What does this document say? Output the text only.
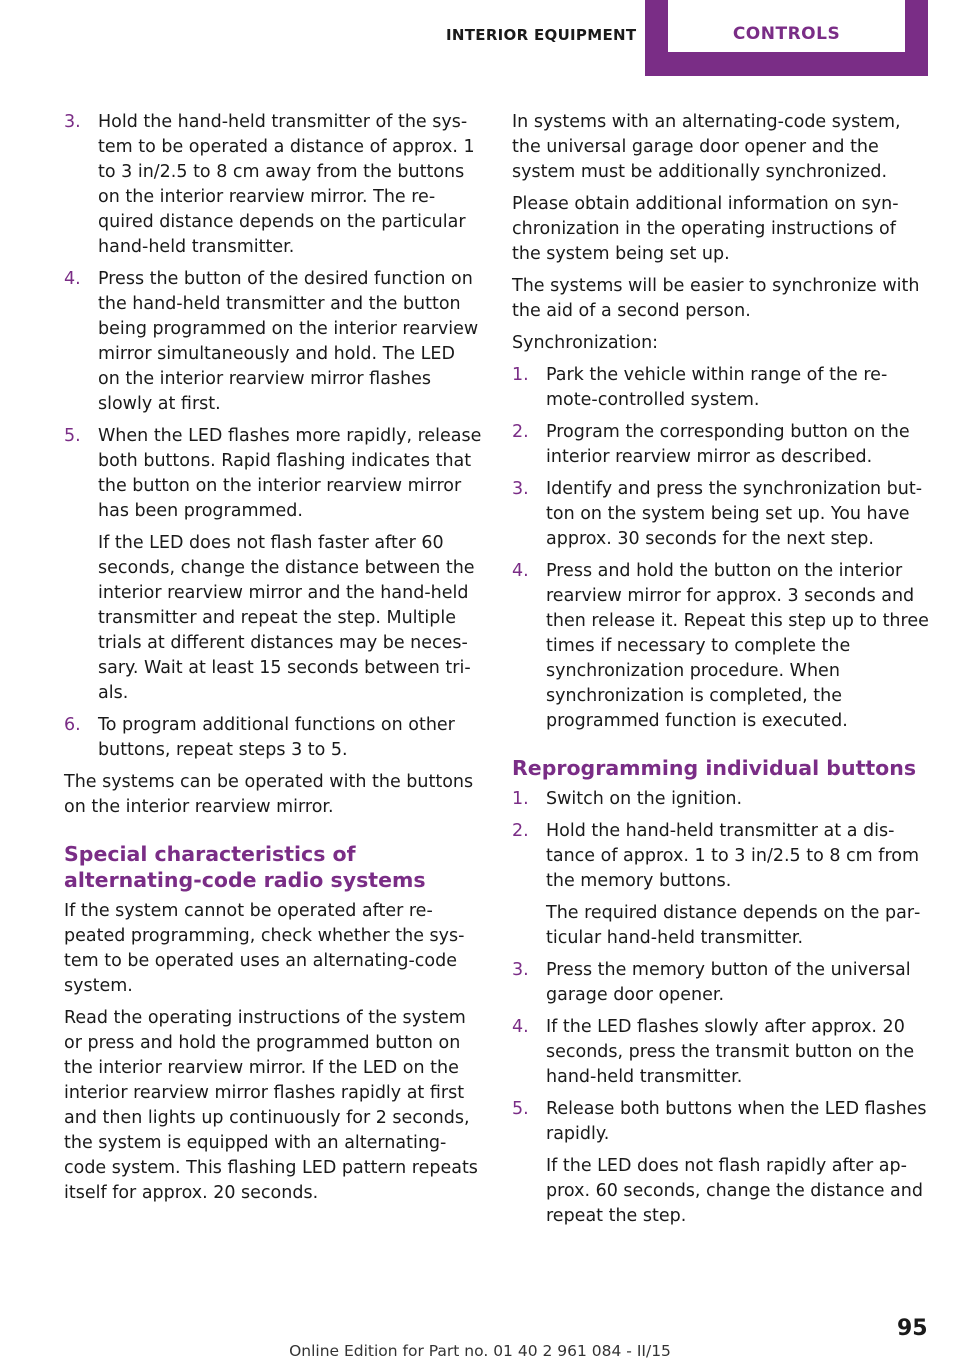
INTERIOR EQUIPMENT	CONTROLS
3. Hold the hand-held transmitter of the system to be operated a distance of approx. 1 to 3 in/2.5 to 8 cm away from the buttons on the interior rearview mirror. The required distance depends on the particular hand-held transmitter.
4. Press the button of the desired function on the hand-held transmitter and the button being programmed on the interior rearview mirror simultaneously and hold. The LED on the interior rearview mirror flashes slowly at first.
5. When the LED flashes more rapidly, release both buttons. Rapid flashing indicates that the button on the interior rearview mirror has been programmed.
If the LED does not flash faster after 60 seconds, change the distance between the interior rearview mirror and the hand-held transmitter and repeat the step. Multiple trials at different distances may be necessary. Wait at least 15 seconds between trials.
6. To program additional functions on other buttons, repeat steps 3 to 5.

The systems can be operated with the buttons on the interior rearview mirror.

Special characteristics of alternating-code radio systems

If the system cannot be operated after repeated programming, check whether the system to be operated uses an alternating-code system.

Read the operating instructions of the system or press and hold the programmed button on the interior rearview mirror. If the LED on the interior rearview mirror flashes rapidly at first and then lights up continuously for 2 seconds, the system is equipped with an alternating-code system. This flashing LED pattern repeats itself for approx. 20 seconds.

In systems with an alternating-code system, the universal garage door opener and the system must be additionally synchronized.

Please obtain additional information on synchronization in the operating instructions of the system being set up.

The systems will be easier to synchronize with the aid of a second person.

Synchronization:

1. Park the vehicle within range of the remote-controlled system.
2. Program the corresponding button on the interior rearview mirror as described.
3. Identify and press the synchronization button on the system being set up. You have approx. 30 seconds for the next step.
4. Press and hold the button on the interior rearview mirror for approx. 3 seconds and then release it. Repeat this step up to three times if necessary to complete the synchronization procedure. When synchronization is completed, the programmed function is executed.
Reprogramming individual buttons
1. Switch on the ignition.
2. Hold the hand-held transmitter at a distance of approx. 1 to 3 in/2.5 to 8 cm from the memory buttons.
The required distance depends on the particular hand-held transmitter.
3. Press the memory button of the universal garage door opener.
4. If the LED flashes slowly after approx. 20 seconds, press the transmit button on the hand-held transmitter.
5. Release both buttons when the LED flashes rapidly.
If the LED does not flash rapidly after approx. 60 seconds, change the distance and repeat the step.
95
Online Edition for Part no. 01 40 2 961 084 - II/15
